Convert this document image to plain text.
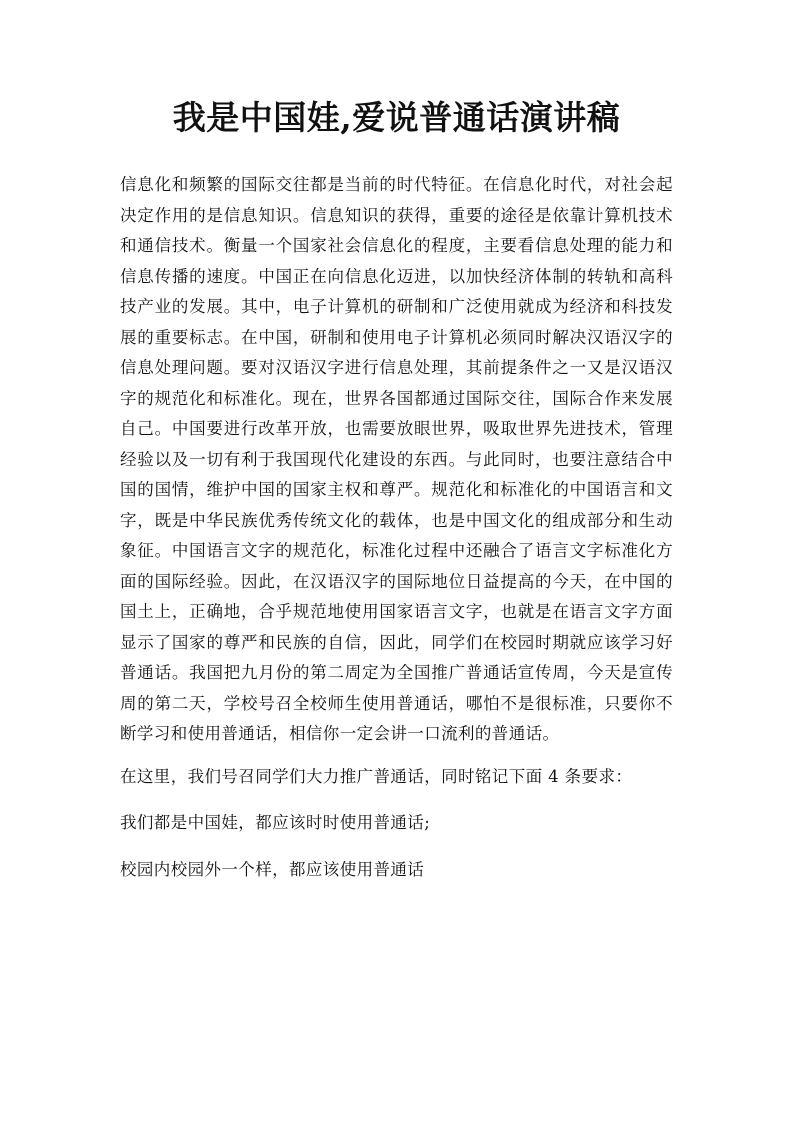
我是中国娃,爱说普通话演讲稿

信息化和频繁的国际交往都是当前的时代特征。在信息化时代，对社会起决定作用的是信息知识。信息知识的获得，重要的途径是依靠计算机技术和通信技术。衡量一个国家社会信息化的程度，主要看信息处理的能力和信息传播的速度。中国正在向信息化迈进，以加快经济体制的转轨和高科技产业的发展。其中，电子计算机的研制和广泛使用就成为经济和科技发展的重要标志。在中国，研制和使用电子计算机必须同时解决汉语汉字的信息处理问题。要对汉语汉字进行信息处理，其前提条件之一又是汉语汉字的规范化和标准化。现在，世界各国都通过国际交往，国际合作来发展自己。中国要进行改革开放，也需要放眼世界，吸取世界先进技术，管理经验以及一切有利于我国现代化建设的东西。与此同时，也要注意结合中国的国情，维护中国的国家主权和尊严。规范化和标准化的中国语言和文字，既是中华民族优秀传统文化的载体，也是中国文化的组成部分和生动象征。中国语言文字的规范化，标准化过程中还融合了语言文字标准化方面的国际经验。因此，在汉语汉字的国际地位日益提高的今天，在中国的国土上，正确地，合乎规范地使用国家语言文字，也就是在语言文字方面显示了国家的尊严和民族的自信，因此，同学们在校园时期就应该学习好普通话。我国把九月份的第二周定为全国推广普通话宣传周，今天是宣传周的第二天，学校号召全校师生使用普通话，哪怕不是很标准，只要你不断学习和使用普通话，相信你一定会讲一口流利的普通话。

在这里，我们号召同学们大力推广普通话，同时铭记下面 4 条要求：

我们都是中国娃，都应该时时使用普通话;

校园内校园外一个样，都应该使用普通话
